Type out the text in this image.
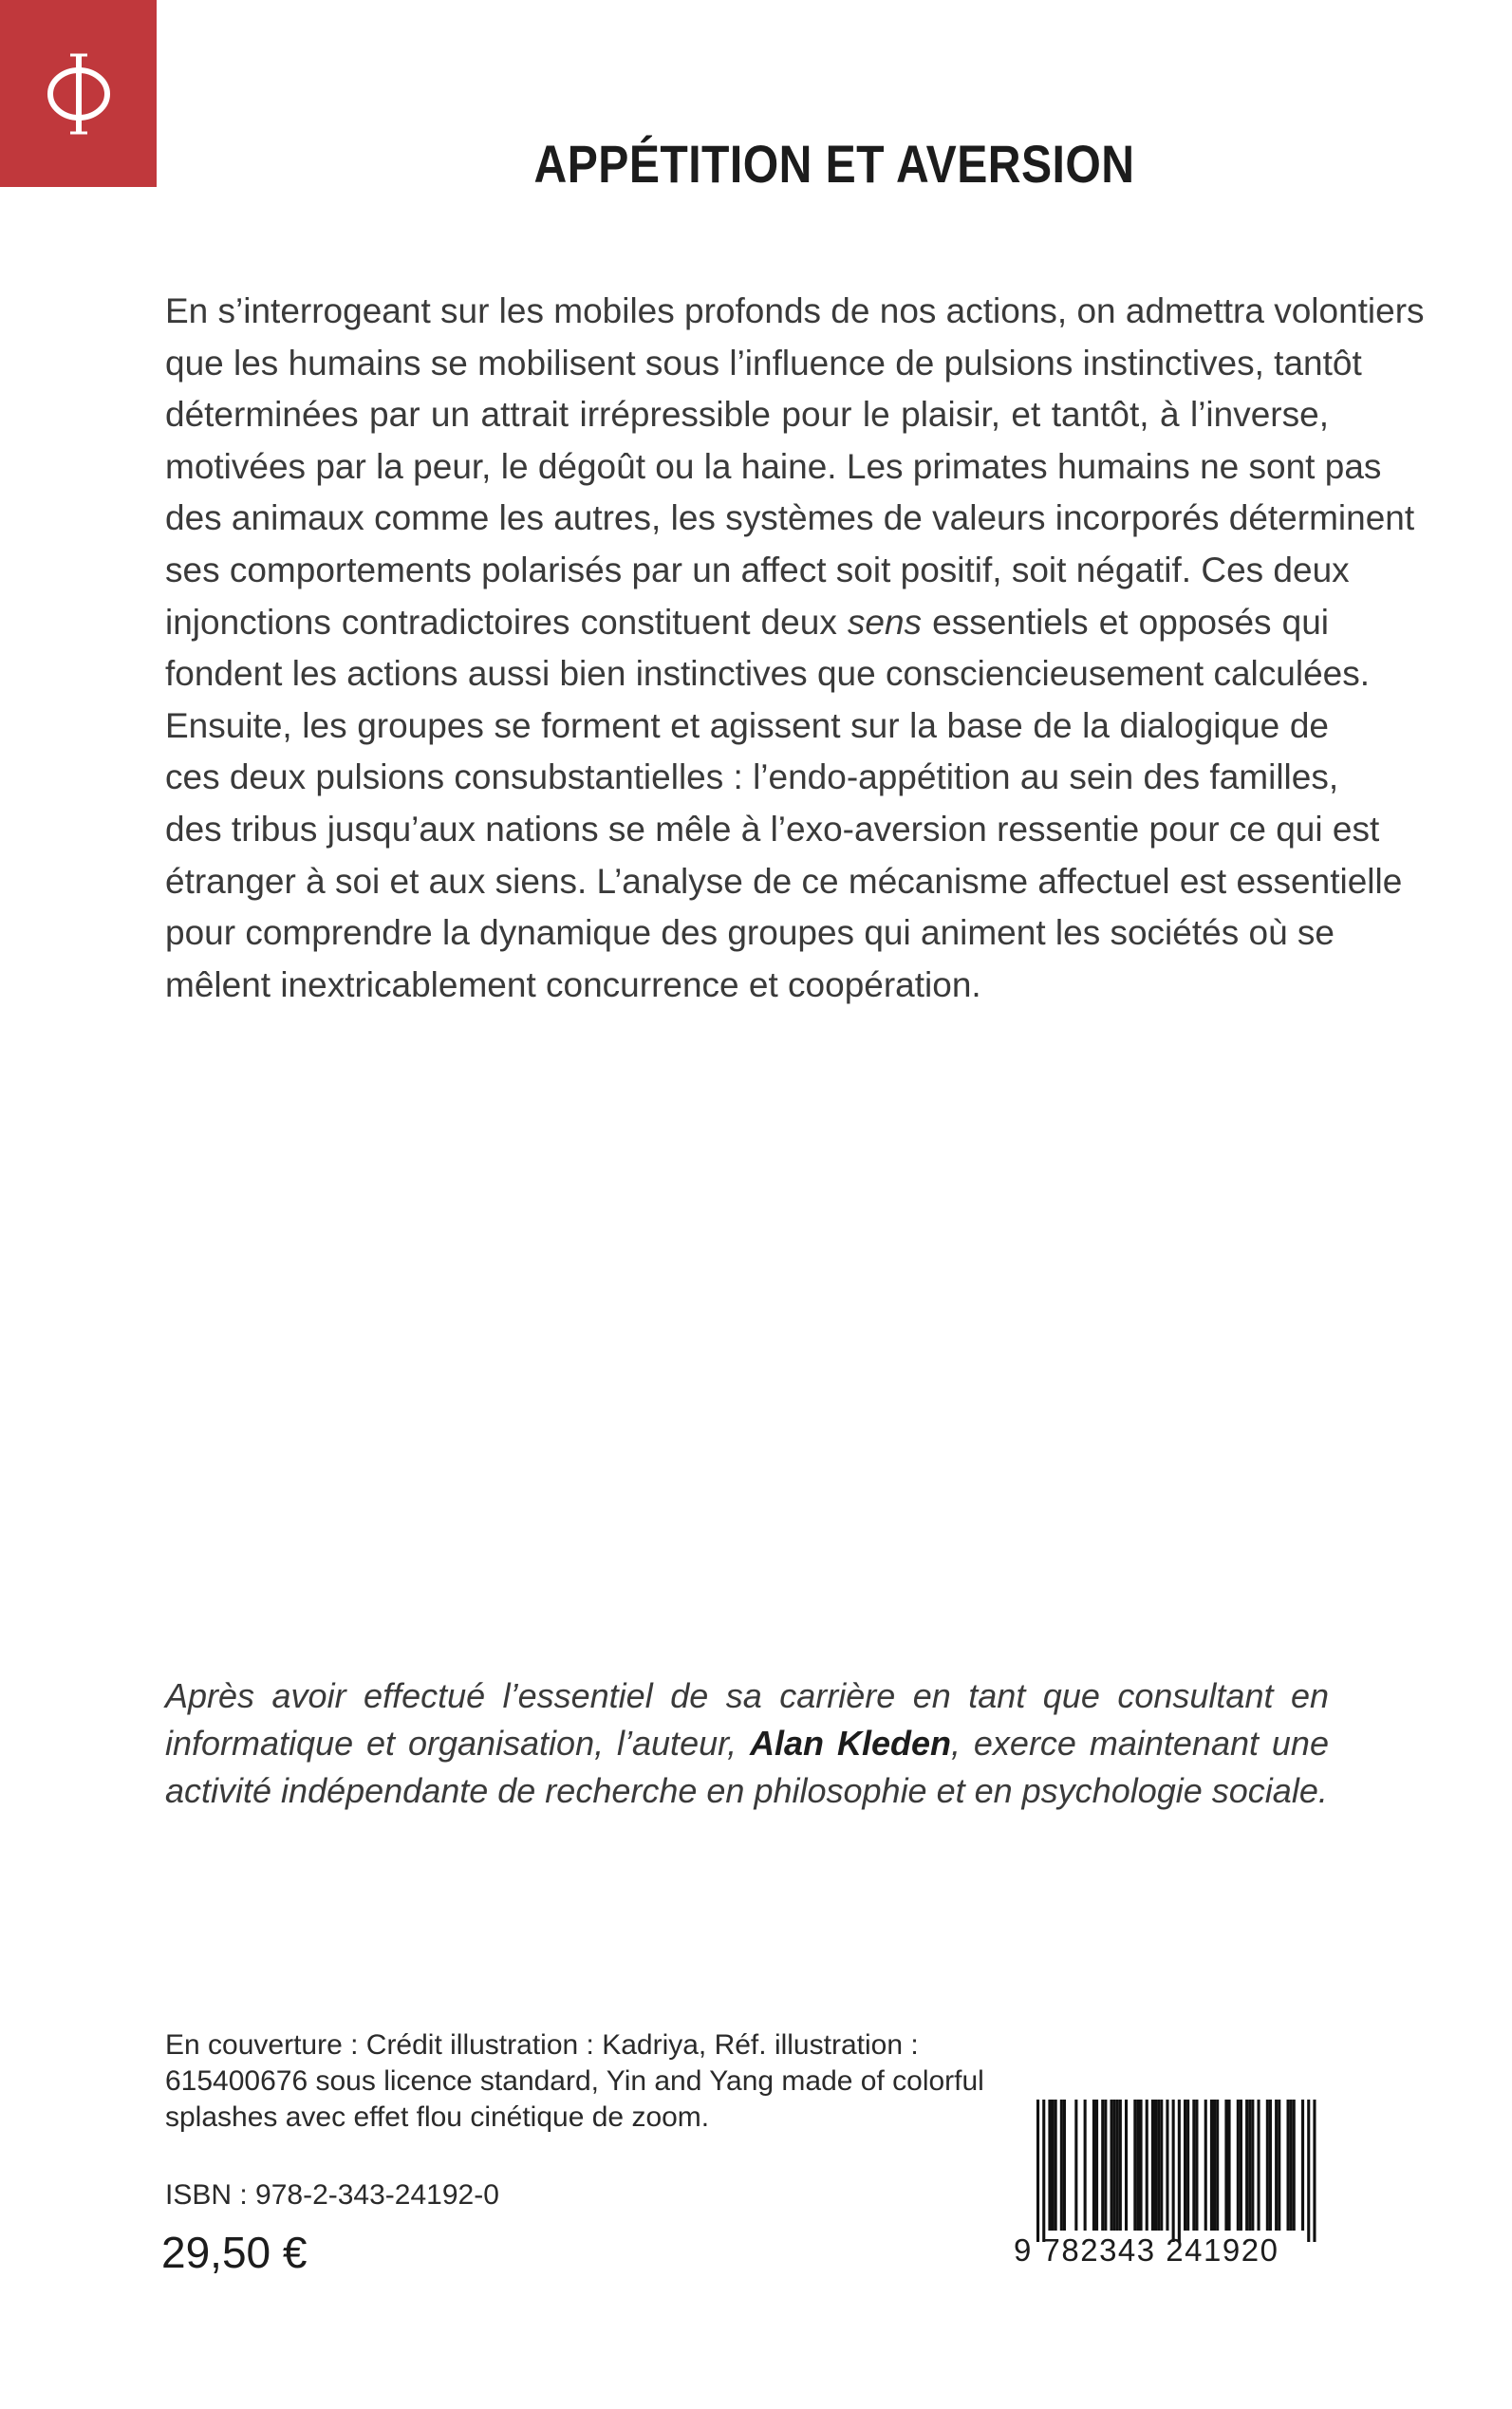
APPÉTITION ET AVERSION
En s’interrogeant sur les mobiles profonds de nos actions, on admettra volontiers
que les humains se mobilisent sous l’influence de pulsions instinctives, tantôt
déterminées par un attrait irrépressible pour le plaisir, et tantôt, à l’inverse,
motivées par la peur, le dégoût ou la haine. Les primates humains ne sont pas
des animaux comme les autres, les systèmes de valeurs incorporés déterminent
ses comportements polarisés par un affect soit positif, soit négatif. Ces deux
injonctions contradictoires constituent deux sens essentiels et opposés qui
fondent les actions aussi bien instinctives que consciencieusement calculées.
Ensuite, les groupes se forment et agissent sur la base de la dialogique de
ces deux pulsions consubstantielles : l’endo-appétition au sein des familles,
des tribus jusqu’aux nations se mêle à l’exo-aversion ressentie pour ce qui est
étranger à soi et aux siens. L’analyse de ce mécanisme affectuel est essentielle
pour comprendre la dynamique des groupes qui animent les sociétés où se
mêlent inextricablement concurrence et coopération.
Après avoir effectué l’essentiel de sa carrière en tant que consultant en
informatique et organisation, l’auteur, Alan Kleden, exerce maintenant une
activité indépendante de recherche en philosophie et en psychologie sociale.
En couverture : Crédit illustration : Kadriya, Réf. illustration :
615400676 sous licence standard, Yin and Yang made of colorful
splashes avec effet flou cinétique de zoom.
ISBN : 978-2-343-24192-0
29,50 €	9 782343 241920
